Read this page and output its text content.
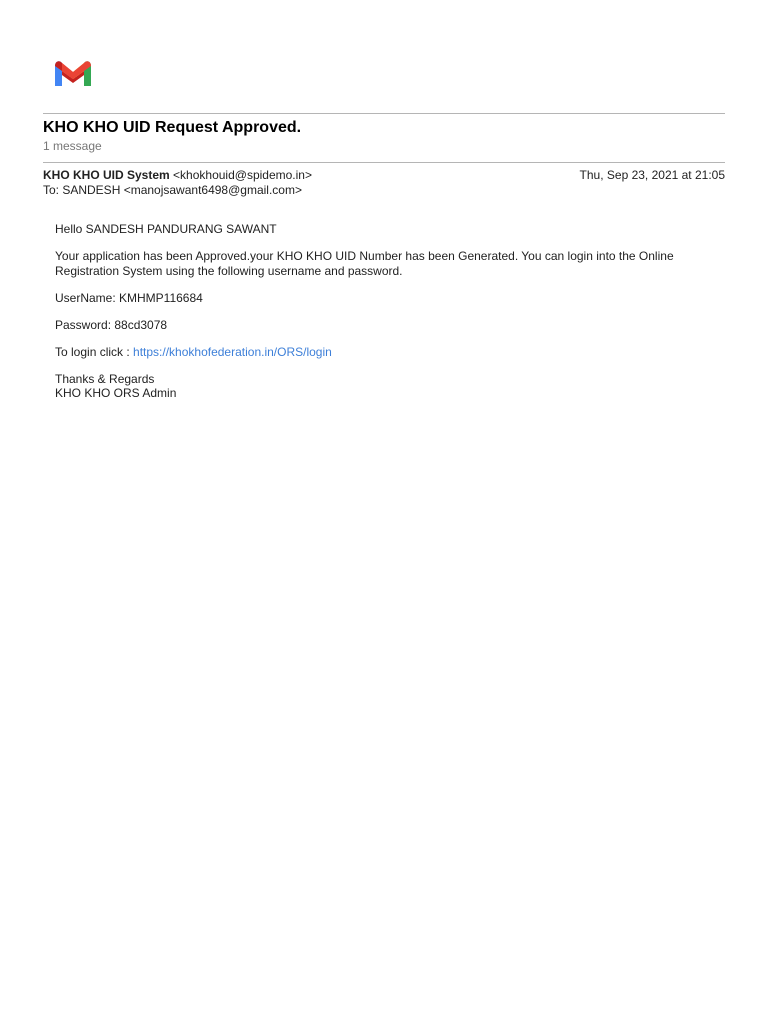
KHO KHO UID Request Approved.
1 message
KHO KHO UID System <khokhouid@spidemo.in>	Thu, Sep 23, 2021 at 21:05
To: SANDESH <manojsawant6498@gmail.com>

Hello SANDESH PANDURANG SAWANT

Your application has been Approved.your KHO KHO UID Number has been Generated. You can login into the Online Registration System using the following username and password.

UserName: KMHMP116684

Password: 88cd3078

To login click : https://khokhofederation.in/ORS/login

Thanks & Regards
KHO KHO ORS Admin
